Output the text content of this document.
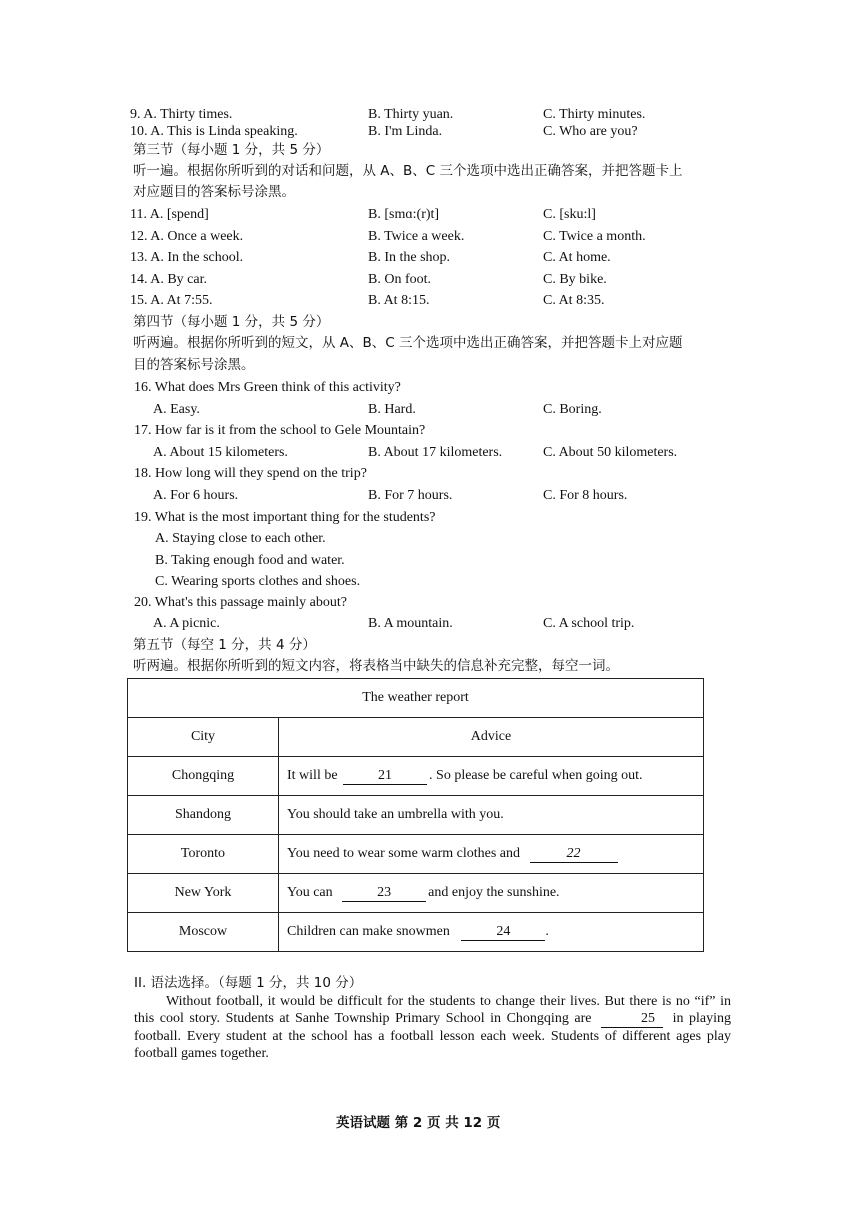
9. A. Thirty times.	B. Thirty yuan.	C. Thirty minutes.
10. A. This is Linda speaking.	B. I'm Linda.	C. Who are you?
第三节（每小题 1 分，共 5 分）
听一遍。根据你所听到的对话和问题，从 A、B、C 三个选项中选出正确答案，并把答题卡上
对应题目的答案标号涂黑。
11. A. [spend]	B. [smɑ:(r)t]	C. [sku:l]
12. A. Once a week.	B. Twice a week.	C. Twice a month.
13. A. In the school.	B. In the shop.	C. At home.
14. A. By car.	B. On foot.	C. By bike.
15. A. At 7:55.	B. At 8:15.	C. At 8:35.
第四节（每小题 1 分，共 5 分）
听两遍。根据你所听到的短文，从 A、B、C 三个选项中选出正确答案，并把答题卡上对应题
目的答案标号涂黑。
16. What does Mrs Green think of this activity?
A. Easy.	B. Hard.	C. Boring.
17. How far is it from the school to Gele Mountain?
A. About 15 kilometers.	B. About 17 kilometers.	C. About 50 kilometers.
18. How long will they spend on the trip?
A. For 6 hours.	B. For 7 hours.	C. For 8 hours.
19. What is the most important thing for the students?
A. Staying close to each other.
B. Taking enough food and water.
C. Wearing sports clothes and shoes.
20. What's this passage mainly about?
A. A picnic.	B. A mountain.	C. A school trip.
第五节（每空 1 分，共 4 分）
听两遍。根据你所听到的短文内容，将表格当中缺失的信息补充完整，每空一词。
The weather report	
City	Advice
Chongqing	It will be 21 . So please be careful when going out.
Shandong	You should take an umbrella with you.
Toronto	You need to wear some warm clothes and 22
New York	You can 23 and enjoy the sunshine.
Moscow	Children can make snowmen 24 .
II. 语法选择。（每题 1 分，共 10 分）
Without football, it would be difficult for the students to change their lives. But there is no “if” in this cool story. Students at Sanhe Township Primary School in Chongqing are	25 in playing football. Every student at the school has a football lesson each week. Students of different ages play football games together.
英语试题 第 2 页 共 12 页
